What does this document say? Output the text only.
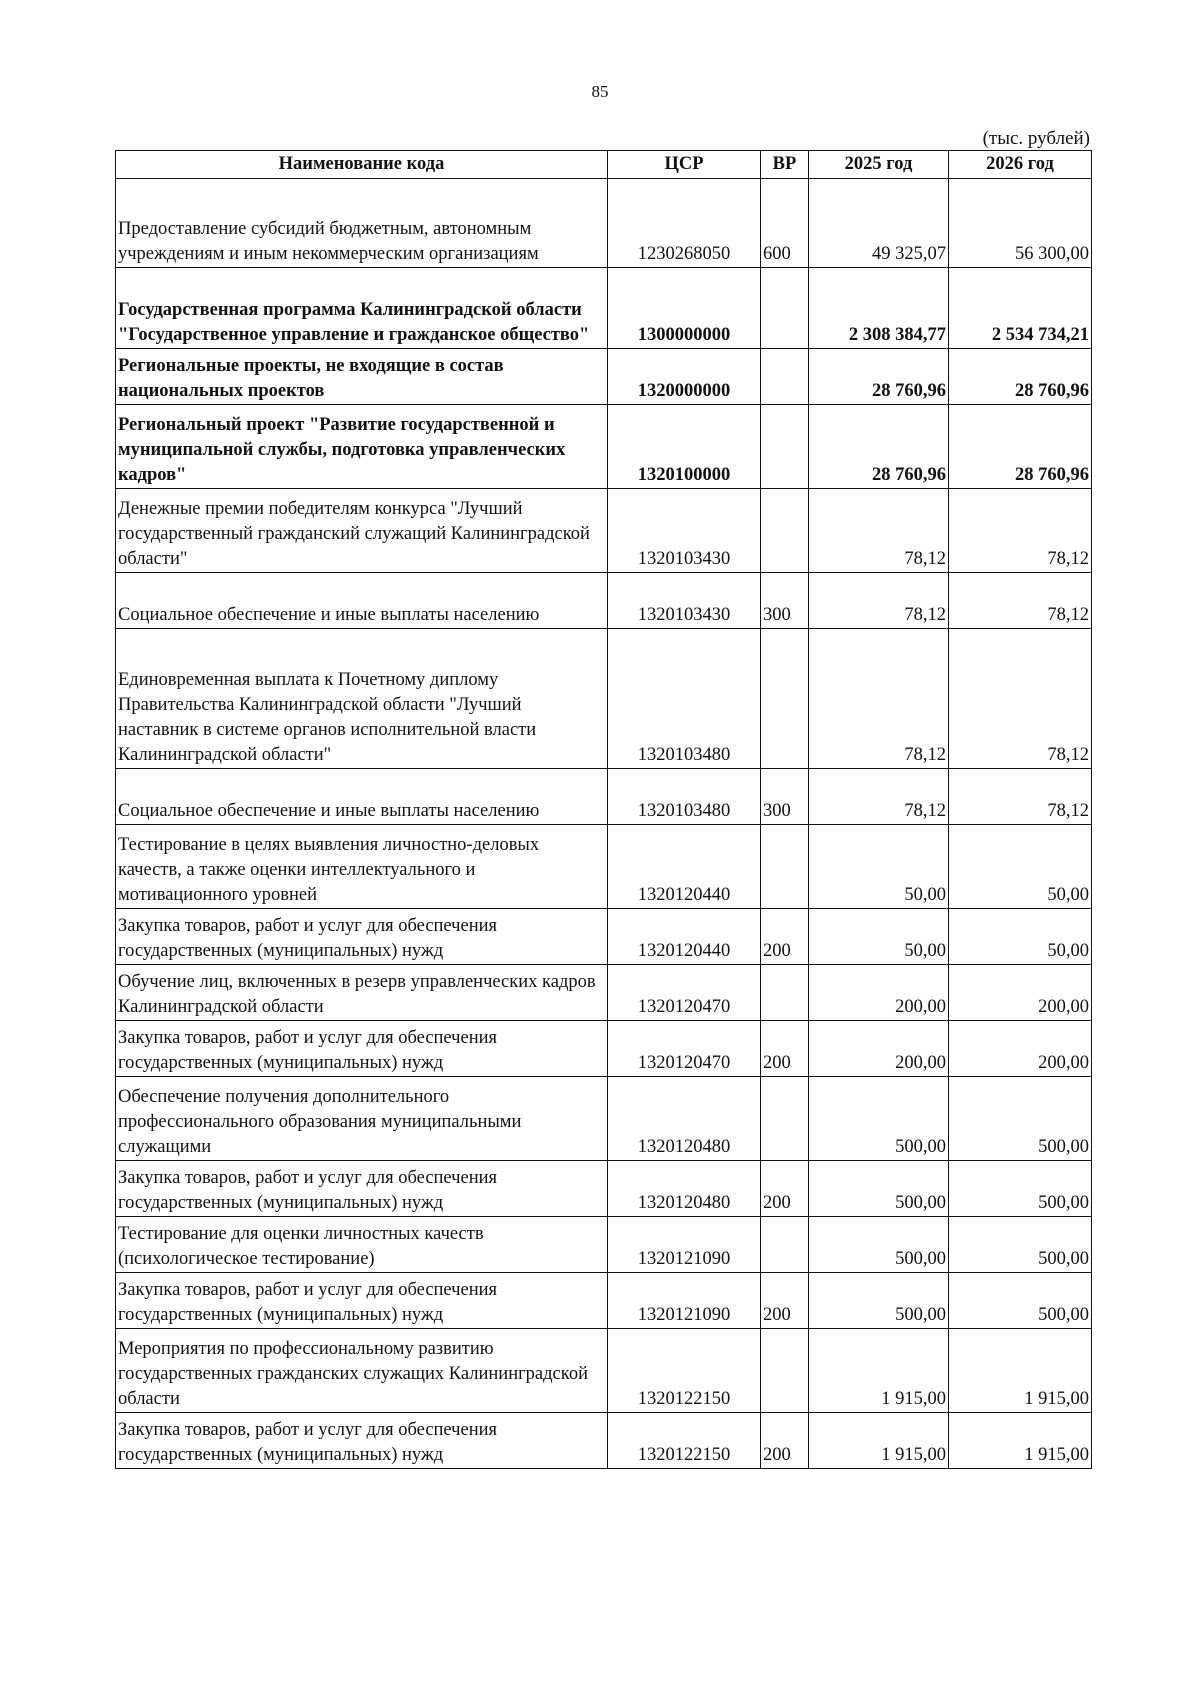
85
(тыс. рублей)
Наименование кода	ЦСР	ВР	2025 год	2026 год
Предоставление субсидий бюджетным, автономным учреждениям и иным некоммерческим организациям	1230268050	600	49 325,07	56 300,00
Государственная программа Калининградской области "Государственное управление и гражданское общество"	1300000000		2 308 384,77	2 534 734,21
Региональные проекты, не входящие в состав национальных проектов	1320000000		28 760,96	28 760,96
Региональный проект "Развитие государственной и муниципальной службы, подготовка управленческих кадров"	1320100000		28 760,96	28 760,96
Денежные премии победителям конкурса "Лучший государственный гражданский служащий Калининградской области"	1320103430		78,12	78,12
Социальное обеспечение и иные выплаты населению	1320103430	300	78,12	78,12
Единовременная выплата к Почетному диплому Правительства Калининградской области "Лучший наставник в системе органов исполнительной власти Калининградской области"	1320103480		78,12	78,12
Социальное обеспечение и иные выплаты населению	1320103480	300	78,12	78,12
Тестирование в целях выявления личностно-деловых качеств, а также оценки интеллектуального и мотивационного уровней	1320120440		50,00	50,00
Закупка товаров, работ и услуг для обеспечения государственных (муниципальных) нужд	1320120440	200	50,00	50,00
Обучение лиц, включенных в резерв управленческих кадров Калининградской области	1320120470		200,00	200,00
Закупка товаров, работ и услуг для обеспечения государственных (муниципальных) нужд	1320120470	200	200,00	200,00
Обеспечение получения дополнительного профессионального образования муниципальными служащими	1320120480		500,00	500,00
Закупка товаров, работ и услуг для обеспечения государственных (муниципальных) нужд	1320120480	200	500,00	500,00
Тестирование для оценки личностных качеств (психологическое тестирование)	1320121090		500,00	500,00
Закупка товаров, работ и услуг для обеспечения государственных (муниципальных) нужд	1320121090	200	500,00	500,00
Мероприятия по профессиональному развитию государственных гражданских служащих Калининградской области	1320122150		1 915,00	1 915,00
Закупка товаров, работ и услуг для обеспечения государственных (муниципальных) нужд	1320122150	200	1 915,00	1 915,00
